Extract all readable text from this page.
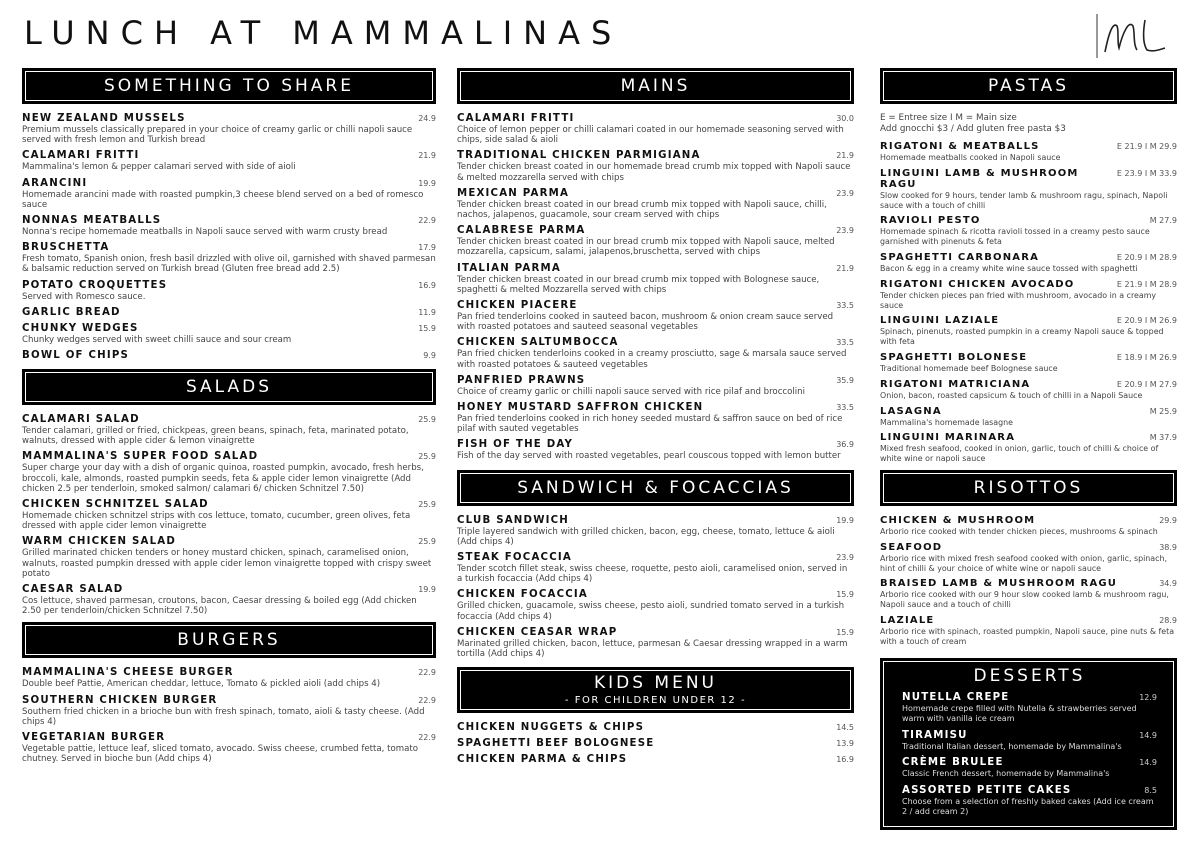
LUNCH AT MAMMALINAS
SOMETHING TO SHARE
NEW ZEALAND MUSSELS	24.9
Premium mussels classically prepared in your choice of creamy garlic or chilli napoli sauce served with fresh lemon and Turkish bread
CALAMARI FRITTI	21.9
Mammalina's lemon & pepper calamari served with side of aioli
ARANCINI	19.9
Homemade arancini made with roasted pumpkin,3 cheese blend served on a bed of romesco sauce
NONNAS MEATBALLS	22.9
Nonna's recipe homemade meatballs in Napoli sauce served with warm crusty bread
BRUSCHETTA	17.9
Fresh tomato, Spanish onion, fresh basil drizzled with olive oil, garnished with shaved parmesan & balsamic reduction served on Turkish bread (Gluten free bread add 2.5)
POTATO CROQUETTES	16.9
Served with Romesco sauce.
GARLIC BREAD	11.9
CHUNKY WEDGES	15.9
Chunky wedges served with sweet chilli sauce and sour cream
BOWL OF CHIPS	9.9
SALADS
CALAMARI SALAD	25.9
Tender calamari, grilled or fried, chickpeas, green beans, spinach, feta, marinated potato, walnuts, dressed with apple cider & lemon vinaigrette
MAMMALINA'S SUPER FOOD SALAD	25.9
Super charge your day with a dish of organic quinoa, roasted pumpkin, avocado, fresh herbs, broccoli, kale, almonds, roasted pumpkin seeds, feta & apple cider lemon vinaigrette (Add chicken 2.5 per tenderloin, smoked salmon/ calamari 6/ chicken Schnitzel 7.50)
CHICKEN SCHNITZEL SALAD	25.9
Homemade chicken schnitzel strips with cos lettuce, tomato, cucumber, green olives, feta dressed with apple cider lemon vinaigrette
WARM CHICKEN SALAD	25.9
Grilled marinated chicken tenders or honey mustard chicken, spinach, caramelised onion, walnuts, roasted pumpkin dressed with apple cider lemon vinaigrette topped with crispy sweet potato
CAESAR SALAD	19.9
Cos lettuce, shaved parmesan, croutons, bacon, Caesar dressing & boiled egg (Add chicken 2.50 per tenderloin/chicken Schnitzel 7.50)
BURGERS
MAMMALINA'S CHEESE BURGER	22.9
Double beef Pattie, American cheddar, lettuce, Tomato & pickled aioli (add chips 4)
SOUTHERN CHICKEN BURGER	22.9
Southern fried chicken in a brioche bun with fresh spinach, tomato, aioli & tasty cheese. (Add chips 4)
VEGETARIAN BURGER	22.9
Vegetable pattie, lettuce leaf, sliced tomato, avocado. Swiss cheese, crumbed fetta, tomato chutney. Served in bioche bun (Add chips 4)
MAINS
CALAMARI FRITTI	30.0
Choice of lemon pepper or chilli calamari coated in our homemade seasoning served with chips, side salad & aioli
TRADITIONAL CHICKEN PARMIGIANA	21.9
Tender chicken breast coated in our homemade bread crumb mix topped with Napoli sauce & melted mozzarella served with chips
MEXICAN PARMA	23.9
Tender chicken breast coated in our bread crumb mix topped with Napoli sauce, chilli, nachos, jalapenos, guacamole, sour cream served with chips
CALABRESE PARMA	23.9
Tender chicken breast coated in our bread crumb mix topped with Napoli sauce, melted mozzarella, capsicum, salami, jalapenos,bruschetta, served with chips
ITALIAN PARMA	21.9
Tender chicken breast coated in our bread crumb mix topped with Bolognese sauce, spaghetti & melted Mozzarella served with chips
CHICKEN PIACERE	33.5
Pan fried tenderloins cooked in sauteed bacon, mushroom & onion cream sauce served with roasted potatoes and sauteed seasonal vegetables
CHICKEN SALTUMBOCCA	33.5
Pan fried chicken tenderloins cooked in a creamy prosciutto, sage & marsala sauce served with roasted potatoes & sauteed vegetables
PANFRIED PRAWNS	35.9
Choice of creamy garlic or chilli napoli sauce served with rice pilaf and broccolini
HONEY MUSTARD SAFFRON CHICKEN	33.5
Pan fried tenderloins cooked in rich honey seeded mustard & saffron sauce on bed of rice pilaf with sauted vegetables
FISH OF THE DAY	36.9
Fish of the day served with roasted vegetables, pearl couscous topped with lemon butter
SANDWICH & FOCACCIAS
CLUB SANDWICH	19.9
Triple layered sandwich with grilled chicken, bacon, egg, cheese, tomato, lettuce & aioli (Add chips 4)
STEAK FOCACCIA	23.9
Tender scotch fillet steak, swiss cheese, roquette, pesto aioli, caramelised onion, served in a turkish focaccia (Add chips 4)
CHICKEN FOCACCIA	15.9
Grilled chicken, guacamole, swiss cheese, pesto aioli, sundried tomato served in a turkish focaccia (Add chips 4)
CHICKEN CEASAR WRAP	15.9
Marinated grilled chicken, bacon, lettuce, parmesan & Caesar dressing wrapped in a warm tortilla (Add chips 4)
KIDS MENU
- FOR CHILDREN UNDER 12 -
CHICKEN NUGGETS & CHIPS	14.5
SPAGHETTI BEEF BOLOGNESE	13.9
CHICKEN PARMA & CHIPS	16.9
PASTAS
E = Entree size I M = Main size
Add gnocchi $3 / Add gluten free pasta $3
RIGATONI & MEATBALLS	E 21.9 I M 29.9
Homemade meatballs cooked in Napoli sauce
LINGUINI LAMB & MUSHROOM RAGU
E 23.9 I M 33.9
Slow cooked for 9 hours, tender lamb & mushroom ragu, spinach, Napoli sauce with a touch of chilli
RAVIOLI PESTO	M 27.9
Homemade spinach & ricotta ravioli tossed in a creamy pesto sauce garnished with pinenuts & feta
SPAGHETTI CARBONARA	E 20.9 I M 28.9
Bacon & egg in a creamy white wine sauce tossed with spaghetti
RIGATONI CHICKEN AVOCADO	E 21.9 I M 28.9
Tender chicken pieces pan fried with mushroom, avocado in a creamy sauce
LINGUINI LAZIALE	E 20.9 I M 26.9
Spinach, pinenuts, roasted pumpkin in a creamy Napoli sauce & topped with feta
SPAGHETTI BOLONESE	E 18.9 I M 26.9
Traditional homemade beef Bolognese sauce
RIGATONI MATRICIANA	E 20.9 I M 27.9
Onion, bacon, roasted capsicum & touch of chilli in a Napoli Sauce
LASAGNA	M 25.9
Mammalina's homemade lasagne
LINGUINI MARINARA	M 37.9
Mixed fresh seafood, cooked in onion, garlic, touch of chilli & choice of white wine or napoli sauce
RISOTTOS
CHICKEN & MUSHROOM	29.9
Arborio rice cooked with tender chicken pieces, mushrooms & spinach
SEAFOOD	38.9
Arborio rice with mixed fresh seafood cooked with onion, garlic, spinach, hint of chilli & your choice of white wine or napoli sauce
BRAISED LAMB & MUSHROOM RAGU	34.9
Arborio rice cooked with our 9 hour slow cooked lamb & mushroom ragu, Napoli sauce and a touch of chilli
LAZIALE	28.9
Arborio rice with spinach, roasted pumpkin, Napoli sauce, pine nuts & feta with a touch of cream
DESSERTS
NUTELLA CREPE	12.9
Homemade crepe filled with Nutella & strawberries served warm with vanilla ice cream
TIRAMISU	14.9
Traditional Italian dessert, homemade by Mammalina's
CRÈME BRULEE	14.9
Classic French dessert, homemade by Mammalina's
ASSORTED PETITE CAKES	8.5
Choose from a selection of freshly baked cakes (Add ice cream 2 / add cream 2)
